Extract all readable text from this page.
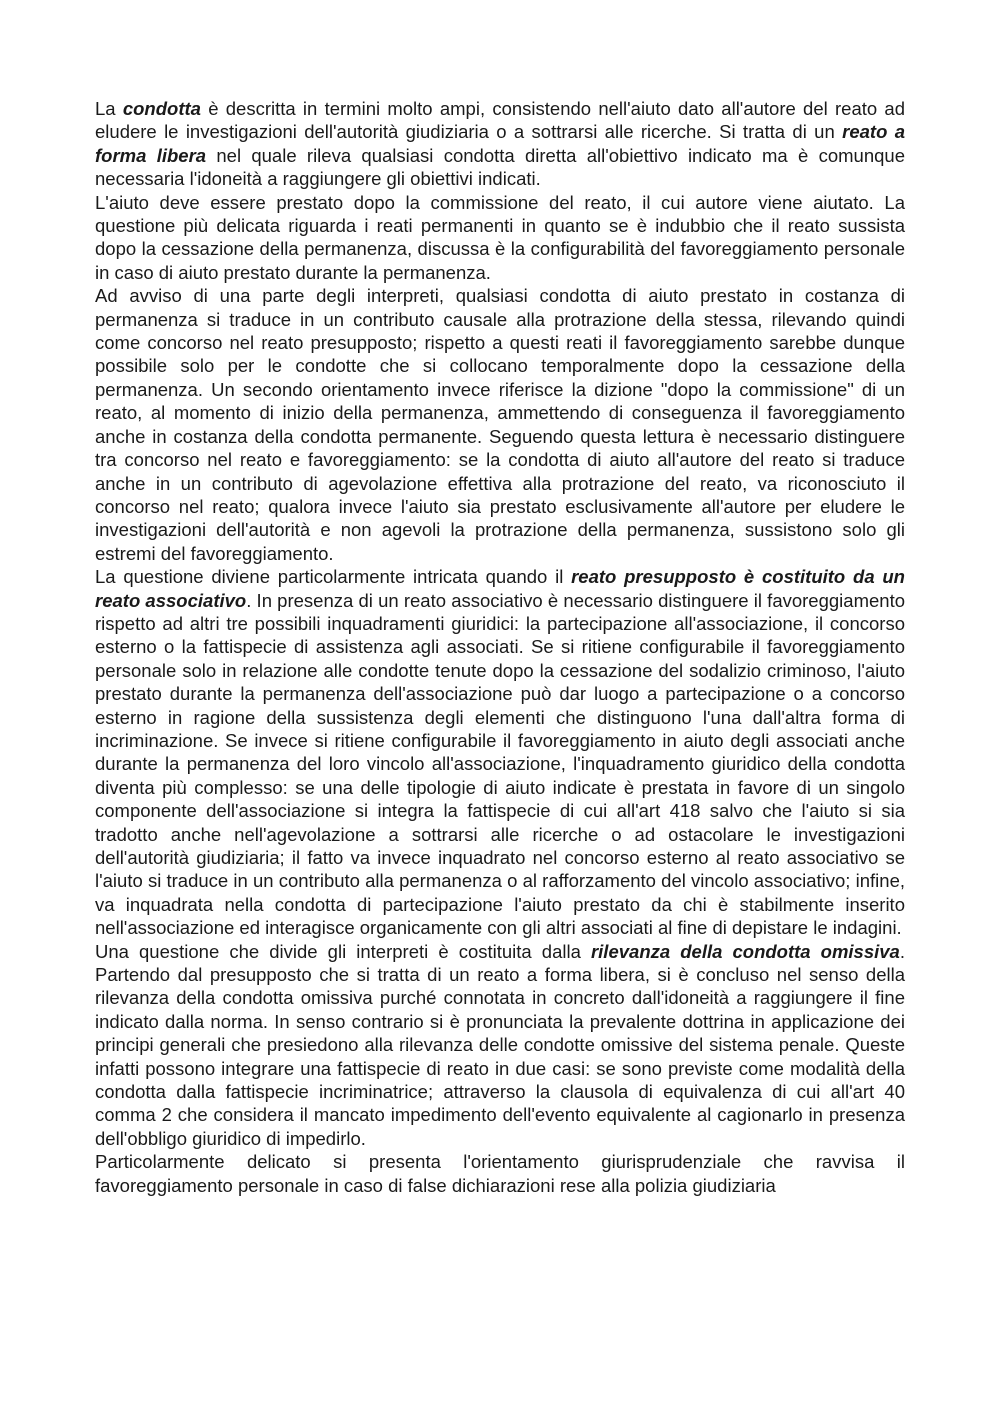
La condotta è descritta in termini molto ampi, consistendo nell'aiuto dato all'autore del reato ad eludere le investigazioni dell'autorità giudiziaria o a sottrarsi alle ricerche. Si tratta di un reato a forma libera nel quale rileva qualsiasi condotta diretta all'obiettivo indicato ma è comunque necessaria l'idoneità a raggiungere gli obiettivi indicati.

L'aiuto deve essere prestato dopo la commissione del reato, il cui autore viene aiutato. La questione più delicata riguarda i reati permanenti in quanto se è indubbio che il reato sussista dopo la cessazione della permanenza, discussa è la configurabilità del favoreggiamento personale in caso di aiuto prestato durante la permanenza.

Ad avviso di una parte degli interpreti, qualsiasi condotta di aiuto prestato in costanza di permanenza si traduce in un contributo causale alla protrazione della stessa, rilevando quindi come concorso nel reato presupposto; rispetto a questi reati il favoreggiamento sarebbe dunque possibile solo per le condotte che si collocano temporalmente dopo la cessazione della permanenza. Un secondo orientamento invece riferisce la dizione "dopo la commissione" di un reato, al momento di inizio della permanenza, ammettendo di conseguenza il favoreggiamento anche in costanza della condotta permanente. Seguendo questa lettura è necessario distinguere tra concorso nel reato e favoreggiamento: se la condotta di aiuto all'autore del reato si traduce anche in un contributo di agevolazione effettiva alla protrazione del reato, va riconosciuto il concorso nel reato; qualora invece l'aiuto sia prestato esclusivamente all'autore per eludere le investigazioni dell'autorità e non agevoli la protrazione della permanenza, sussistono solo gli estremi del favoreggiamento.

La questione diviene particolarmente intricata quando il reato presupposto è costituito da un reato associativo. In presenza di un reato associativo è necessario distinguere il favoreggiamento rispetto ad altri tre possibili inquadramenti giuridici: la partecipazione all'associazione, il concorso esterno o la fattispecie di assistenza agli associati. Se si ritiene configurabile il favoreggiamento personale solo in relazione alle condotte tenute dopo la cessazione del sodalizio criminoso, l'aiuto prestato durante la permanenza dell'associazione può dar luogo a partecipazione o a concorso esterno in ragione della sussistenza degli elementi che distinguono l'una dall'altra forma di incriminazione. Se invece si ritiene configurabile il favoreggiamento in aiuto degli associati anche durante la permanenza del loro vincolo all'associazione, l'inquadramento giuridico della condotta diventa più complesso: se una delle tipologie di aiuto indicate è prestata in favore di un singolo componente dell'associazione si integra la fattispecie di cui all'art 418 salvo che l'aiuto si sia tradotto anche nell'agevolazione a sottrarsi alle ricerche o ad ostacolare le investigazioni dell'autorità giudiziaria; il fatto va invece inquadrato nel concorso esterno al reato associativo se l'aiuto si traduce in un contributo alla permanenza o al rafforzamento del vincolo associativo; infine, va inquadrata nella condotta di partecipazione l'aiuto prestato da chi è stabilmente inserito nell'associazione ed interagisce organicamente con gli altri associati al fine di depistare le indagini.

Una questione che divide gli interpreti è costituita dalla rilevanza della condotta omissiva. Partendo dal presupposto che si tratta di un reato a forma libera, si è concluso nel senso della rilevanza della condotta omissiva purché connotata in concreto dall'idoneità a raggiungere il fine indicato dalla norma. In senso contrario si è pronunciata la prevalente dottrina in applicazione dei principi generali che presiedono alla rilevanza delle condotte omissive del sistema penale. Queste infatti possono integrare una fattispecie di reato in due casi: se sono previste come modalità della condotta dalla fattispecie incriminatrice; attraverso la clausola di equivalenza di cui all'art 40 comma 2 che considera il mancato impedimento dell'evento equivalente al cagionarlo in presenza dell'obbligo giuridico di impedirlo.

Particolarmente delicato si presenta l'orientamento giurisprudenziale che ravvisa il favoreggiamento personale in caso di false dichiarazioni rese alla polizia giudiziaria
